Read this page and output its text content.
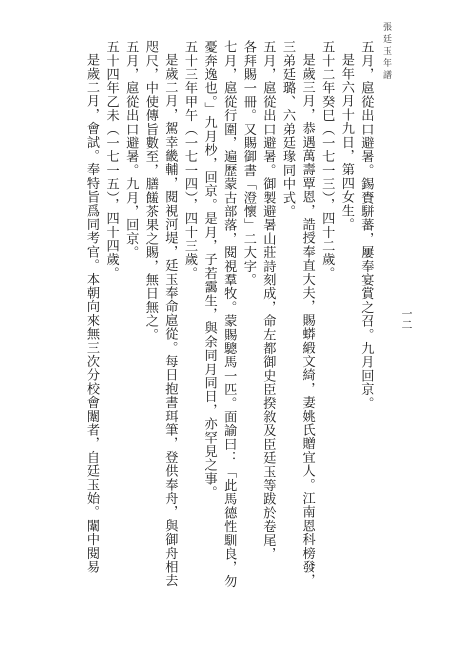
張廷玉年譜
一二
五月，扈從出口避暑。錫賚駢蕃，屢奉宴賞之召。九月回京。
是年六月十九日，第四女生。
五十二年癸巳（一七一三），四十二歲。
是歲三月，恭遇萬壽覃恩，誥授奉直大夫，賜蟒緞文綺，妻姚氏贈宜人。江南恩科榜發，
三弟廷璐、六弟廷瑑同中式。
五月，扈從出口避暑。御製避暑山莊詩刻成，命左都御史臣揆敘及臣廷玉等跋於卷尾，
各拜賜一冊。又賜御書「澄懷」二大字。
七月，扈從行圍，遍歷蒙古部落，閱視羣牧。蒙賜驄馬一匹。面諭曰：「此馬德性馴良，勿
憂奔逸也。」九月杪，回京。是月，子若靄生，與余同月同日，亦罕見之事。
五十三年甲午（一七一四），四十三歲。
是歲二月，駕幸畿輔，閱視河堤，廷玉奉命扈從。每日抱書珥筆，登供奉舟，與御舟相去
咫尺，中使傳旨數至，膳饈茶果之賜，無日無之。
五月，扈從出口避暑。九月，回京。
五十四年乙未（一七一五），四十四歲。
是歲二月，會試。奉特旨爲同考官。本朝向來無三次分校會闈者，自廷玉始。闈中閱易
